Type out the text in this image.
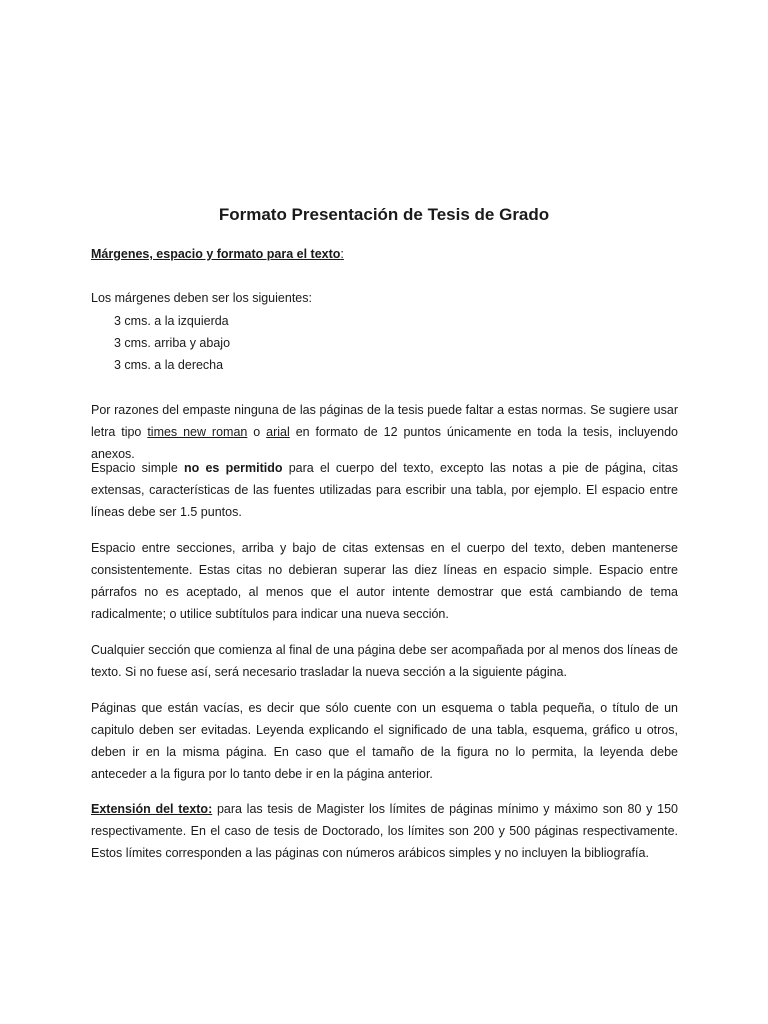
Formato Presentación de Tesis de Grado

Márgenes, espacio y formato para el texto:

Los márgenes deben ser los siguientes:

3 cms. a la izquierda
3 cms. arriba y abajo
3 cms. a la derecha

Por razones del empaste ninguna de las páginas de la tesis puede faltar a estas normas. Se sugiere usar letra tipo times new roman o arial en formato de 12 puntos únicamente en toda la tesis, incluyendo anexos.

Espacio simple no es permitido para el cuerpo del texto, excepto las notas a pie de página, citas extensas, características de las fuentes utilizadas para escribir una tabla, por ejemplo. El espacio entre líneas debe ser 1.5 puntos.

Espacio entre secciones, arriba y bajo de citas extensas en el cuerpo del texto, deben mantenerse consistentemente. Estas citas no debieran superar las diez líneas en espacio simple. Espacio entre párrafos no es aceptado, al menos que el autor intente demostrar que está cambiando de tema radicalmente; o utilice subtítulos para indicar una nueva sección.

Cualquier sección que comienza al final de una página debe ser acompañada por al menos dos líneas de texto. Si no fuese así, será necesario trasladar la nueva sección a la siguiente página.

Páginas que están vacías, es decir que sólo cuente con un esquema o tabla pequeña, o título de un capitulo deben ser evitadas. Leyenda explicando el significado de una tabla, esquema, gráfico u otros, deben ir en la misma página. En caso que el tamaño de la figura no lo permita, la leyenda debe anteceder a la figura por lo tanto debe ir en la página anterior.

Extensión del texto: para las tesis de Magister los límites de páginas mínimo y máximo son 80 y 150 respectivamente. En el caso de tesis de Doctorado, los límites son 200 y 500 páginas respectivamente. Estos límites corresponden a las páginas con números arábicos simples y no incluyen la bibliografía.
